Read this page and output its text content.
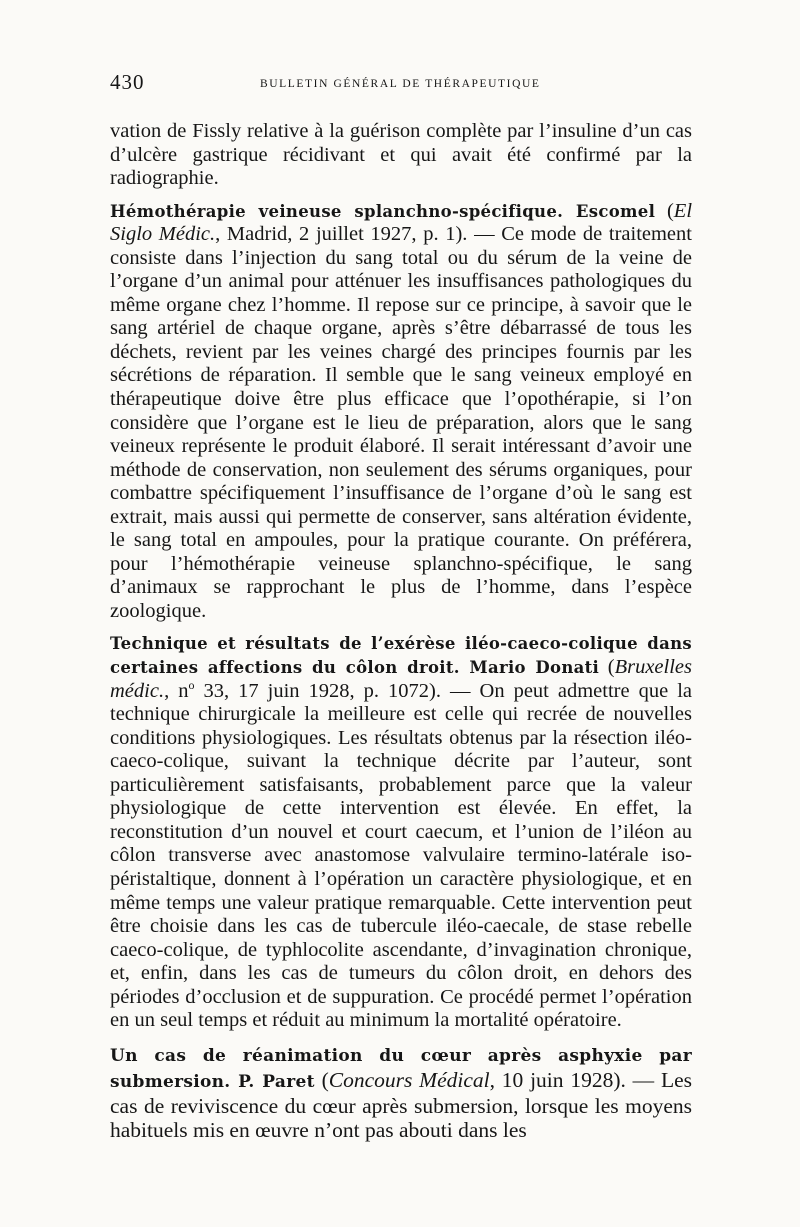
430	BULLETIN GÉNÉRAL DE THÉRAPEUTIQUE

vation de Fissly relative à la guérison complète par l’insuline d’un cas d’ulcère gastrique récidivant et qui avait été confirmé par la radiographie.

Hémothérapie veineuse splanchno-spécifique. Escomel (El Siglo Médic., Madrid, 2 juillet 1927, p. 1). — Ce mode de traitement consiste dans l’injection du sang total ou du sérum de la veine de l’organe d’un animal pour atténuer les insuffisances pathologiques du même organe chez l’homme. Il repose sur ce principe, à savoir que le sang artériel de chaque organe, après s’être débarrassé de tous les déchets, revient par les veines chargé des principes fournis par les sécrétions de réparation. Il semble que le sang veineux employé en thérapeutique doive être plus efficace que l’opothérapie, si l’on considère que l’organe est le lieu de préparation, alors que le sang veineux représente le produit élaboré. Il serait intéressant d’avoir une méthode de conservation, non seulement des sérums organiques, pour combattre spécifiquement l’insuffisance de l’organe d’où le sang est extrait, mais aussi qui permette de conserver, sans altération évidente, le sang total en ampoules, pour la pratique courante. On préférera, pour l’hémothérapie veineuse splanchno-spécifique, le sang d’animaux se rapprochant le plus de l’homme, dans l’espèce zoologique.

Technique et résultats de l’exérèse iléo-caeco-colique dans certaines affections du côlon droit. Mario Donati (Bruxelles médic., $n^o$ 33, 17 juin 1928, p. 1072). — On peut admettre que la technique chirurgicale la meilleure est celle qui recrée de nouvelles conditions physiologiques. Les résultats obtenus par la résection iléo-caeco-colique, suivant la technique décrite par l’auteur, sont particulièrement satisfaisants, probablement parce que la valeur physiologique de cette intervention est élevée. En effet, la reconstitution d’un nouvel et court caecum, et l’union de l’iléon au côlon transverse avec anastomose valvulaire termino-latérale iso-péristaltique, donnent à l’opération un caractère physiologique, et en même temps une valeur pratique remarquable. Cette intervention peut être choisie dans les cas de tubercule iléo-caecale, de stase rebelle caeco-colique, de typhlocolite ascendante, d’invagination chronique, et, enfin, dans les cas de tumeurs du côlon droit, en dehors des périodes d’occlusion et de suppuration. Ce procédé permet l’opération en un seul temps et réduit au minimum la mortalité opératoire.

Un cas de réanimation du cœur après asphyxie par submersion. P. Paret (Concours Médical, 10 juin 1928). — Les cas de reviviscence du cœur après submersion, lorsque les moyens habituels mis en œuvre n’ont pas abouti dans les
